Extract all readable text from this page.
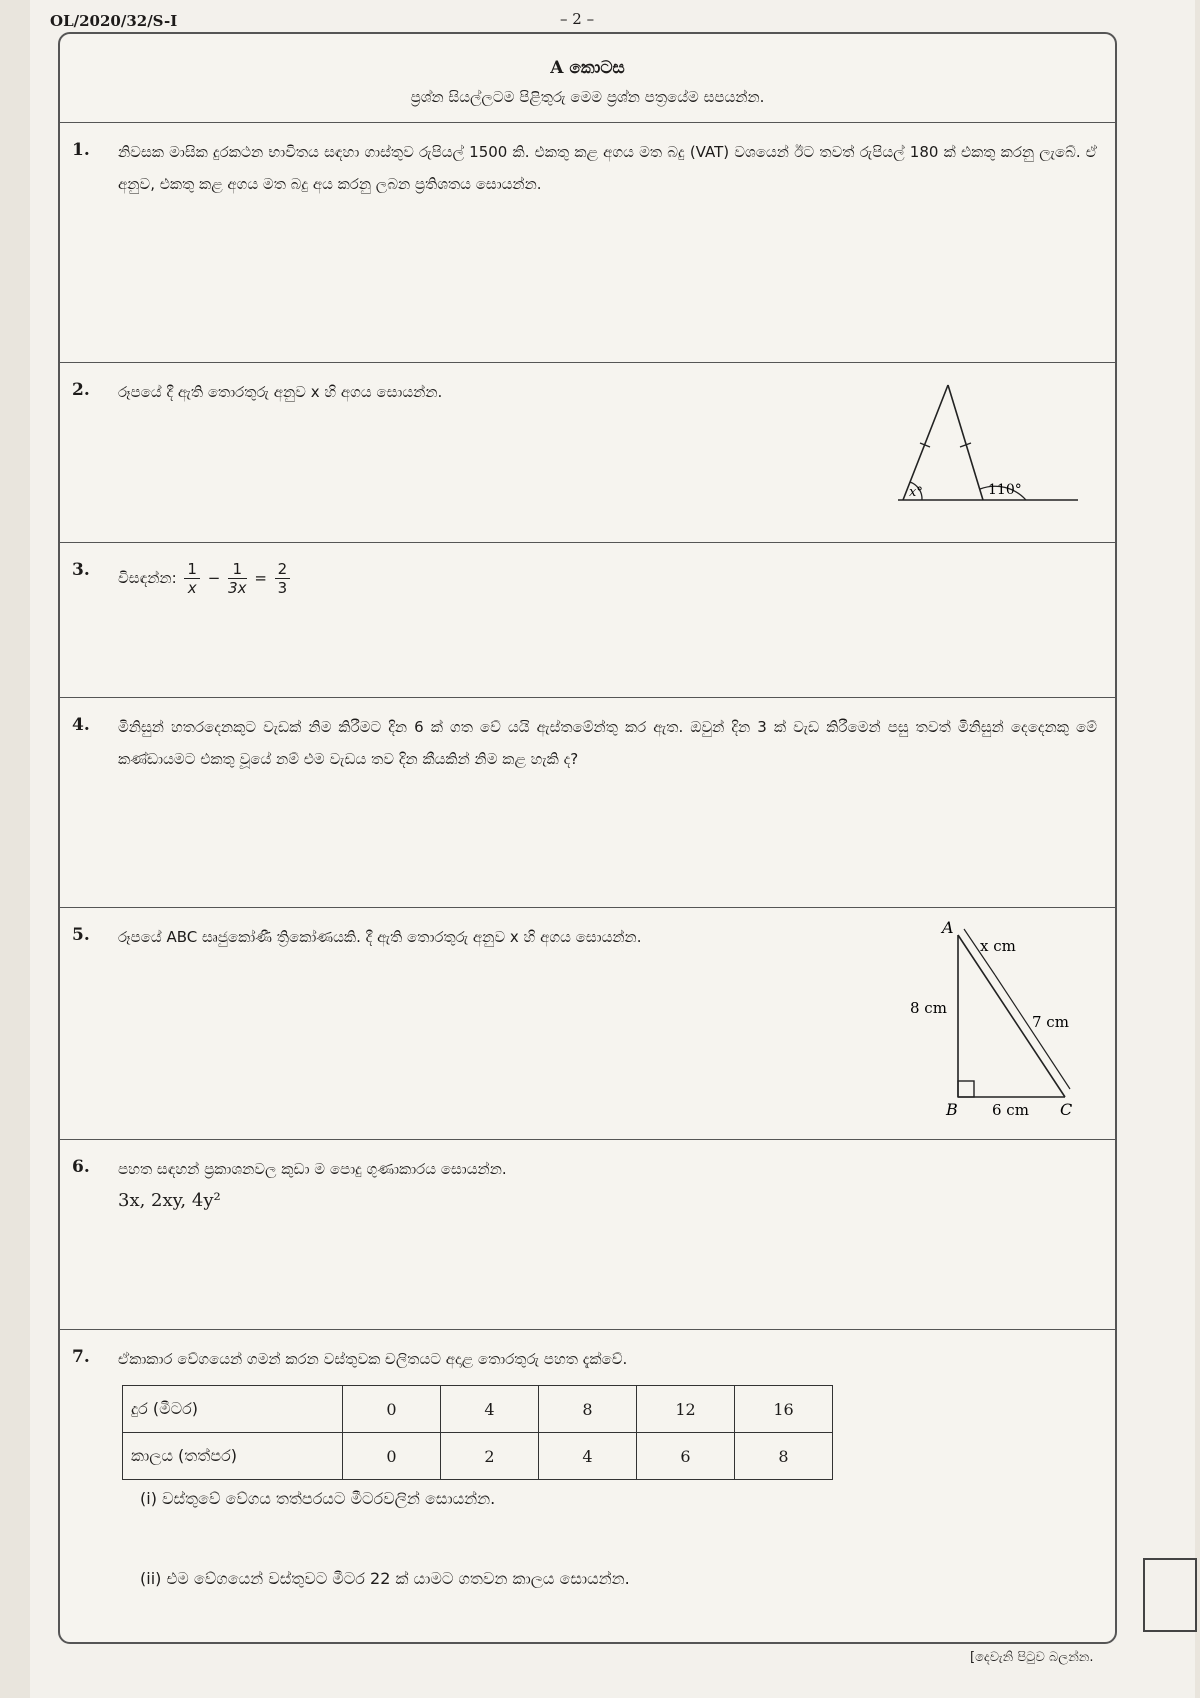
OL/2020/32/S-I	– 2 –
A කොටස
ප්‍රශ්න සියල්ලටම පිළිතුරු මෙම ප්‍රශ්න පත්‍රයේම සපයන්න.
1. නිවසක මාසික දුරකථන භාවිතය සඳහා ගාස්තුව රුපියල් 1500 කි. එකතු කළ අගය මත බදු (VAT) වශයෙන් ඊට තවත් රුපියල් 180 ක් එකතු කරනු ලැබේ. ඒ අනුව, එකතු කළ අගය මත බදු අය කරනු ලබන ප්‍රතිශතය සොයන්න.
2. රූපයේ දී ඇති තොරතුරු අනුව x හි අගය සොයන්න.
x°	110°
3. විසඳන්න: $\frac{1}{x} - \frac{1}{3x} = \frac{2}{3}$
4. මිනිසුන් හතරදෙනකුට වැඩක් නිම කිරීමට දින 6 ක් ගත වේ යයි ඇස්තමේන්තු කර ඇත. ඔවුන් දින 3 ක් වැඩ කිරීමෙන් පසු තවත් මිනිසුන් දෙදෙනකු මේ කණ්ඩායමට එකතු වූයේ නම් එම වැඩය තව දින කීයකින් නිම කළ හැකි ද?
5. රූපයේ ABC සෘජුකෝණී ත්‍රිකෝණයකි. දී ඇති තොරතුරු අනුව x හි අගය සොයන්න.	A
B	C
x cm
8 cm
7 cm
6 cm
6. පහත සඳහන් ප්‍රකාශනවල කුඩා ම පොදු ගුණාකාරය සොයන්න.
3x, 2xy, 4y²
7. ඒකාකාර වේගයෙන් ගමන් කරන වස්තුවක චලිතයට අදාළ තොරතුරු පහත දැක්වේ.
දුර (මීටර)	0	4	8	12	16
කාලය (තත්පර)	0	2	4	6	8
(i) වස්තුවේ වේගය තත්පරයට මීටරවලින් සොයන්න.
(ii) එම වේගයෙන් වස්තුවට මීටර 22 ක් යාමට ගතවන කාලය සොයන්න.
[දෙවැනි පිටුව බලන්න.
